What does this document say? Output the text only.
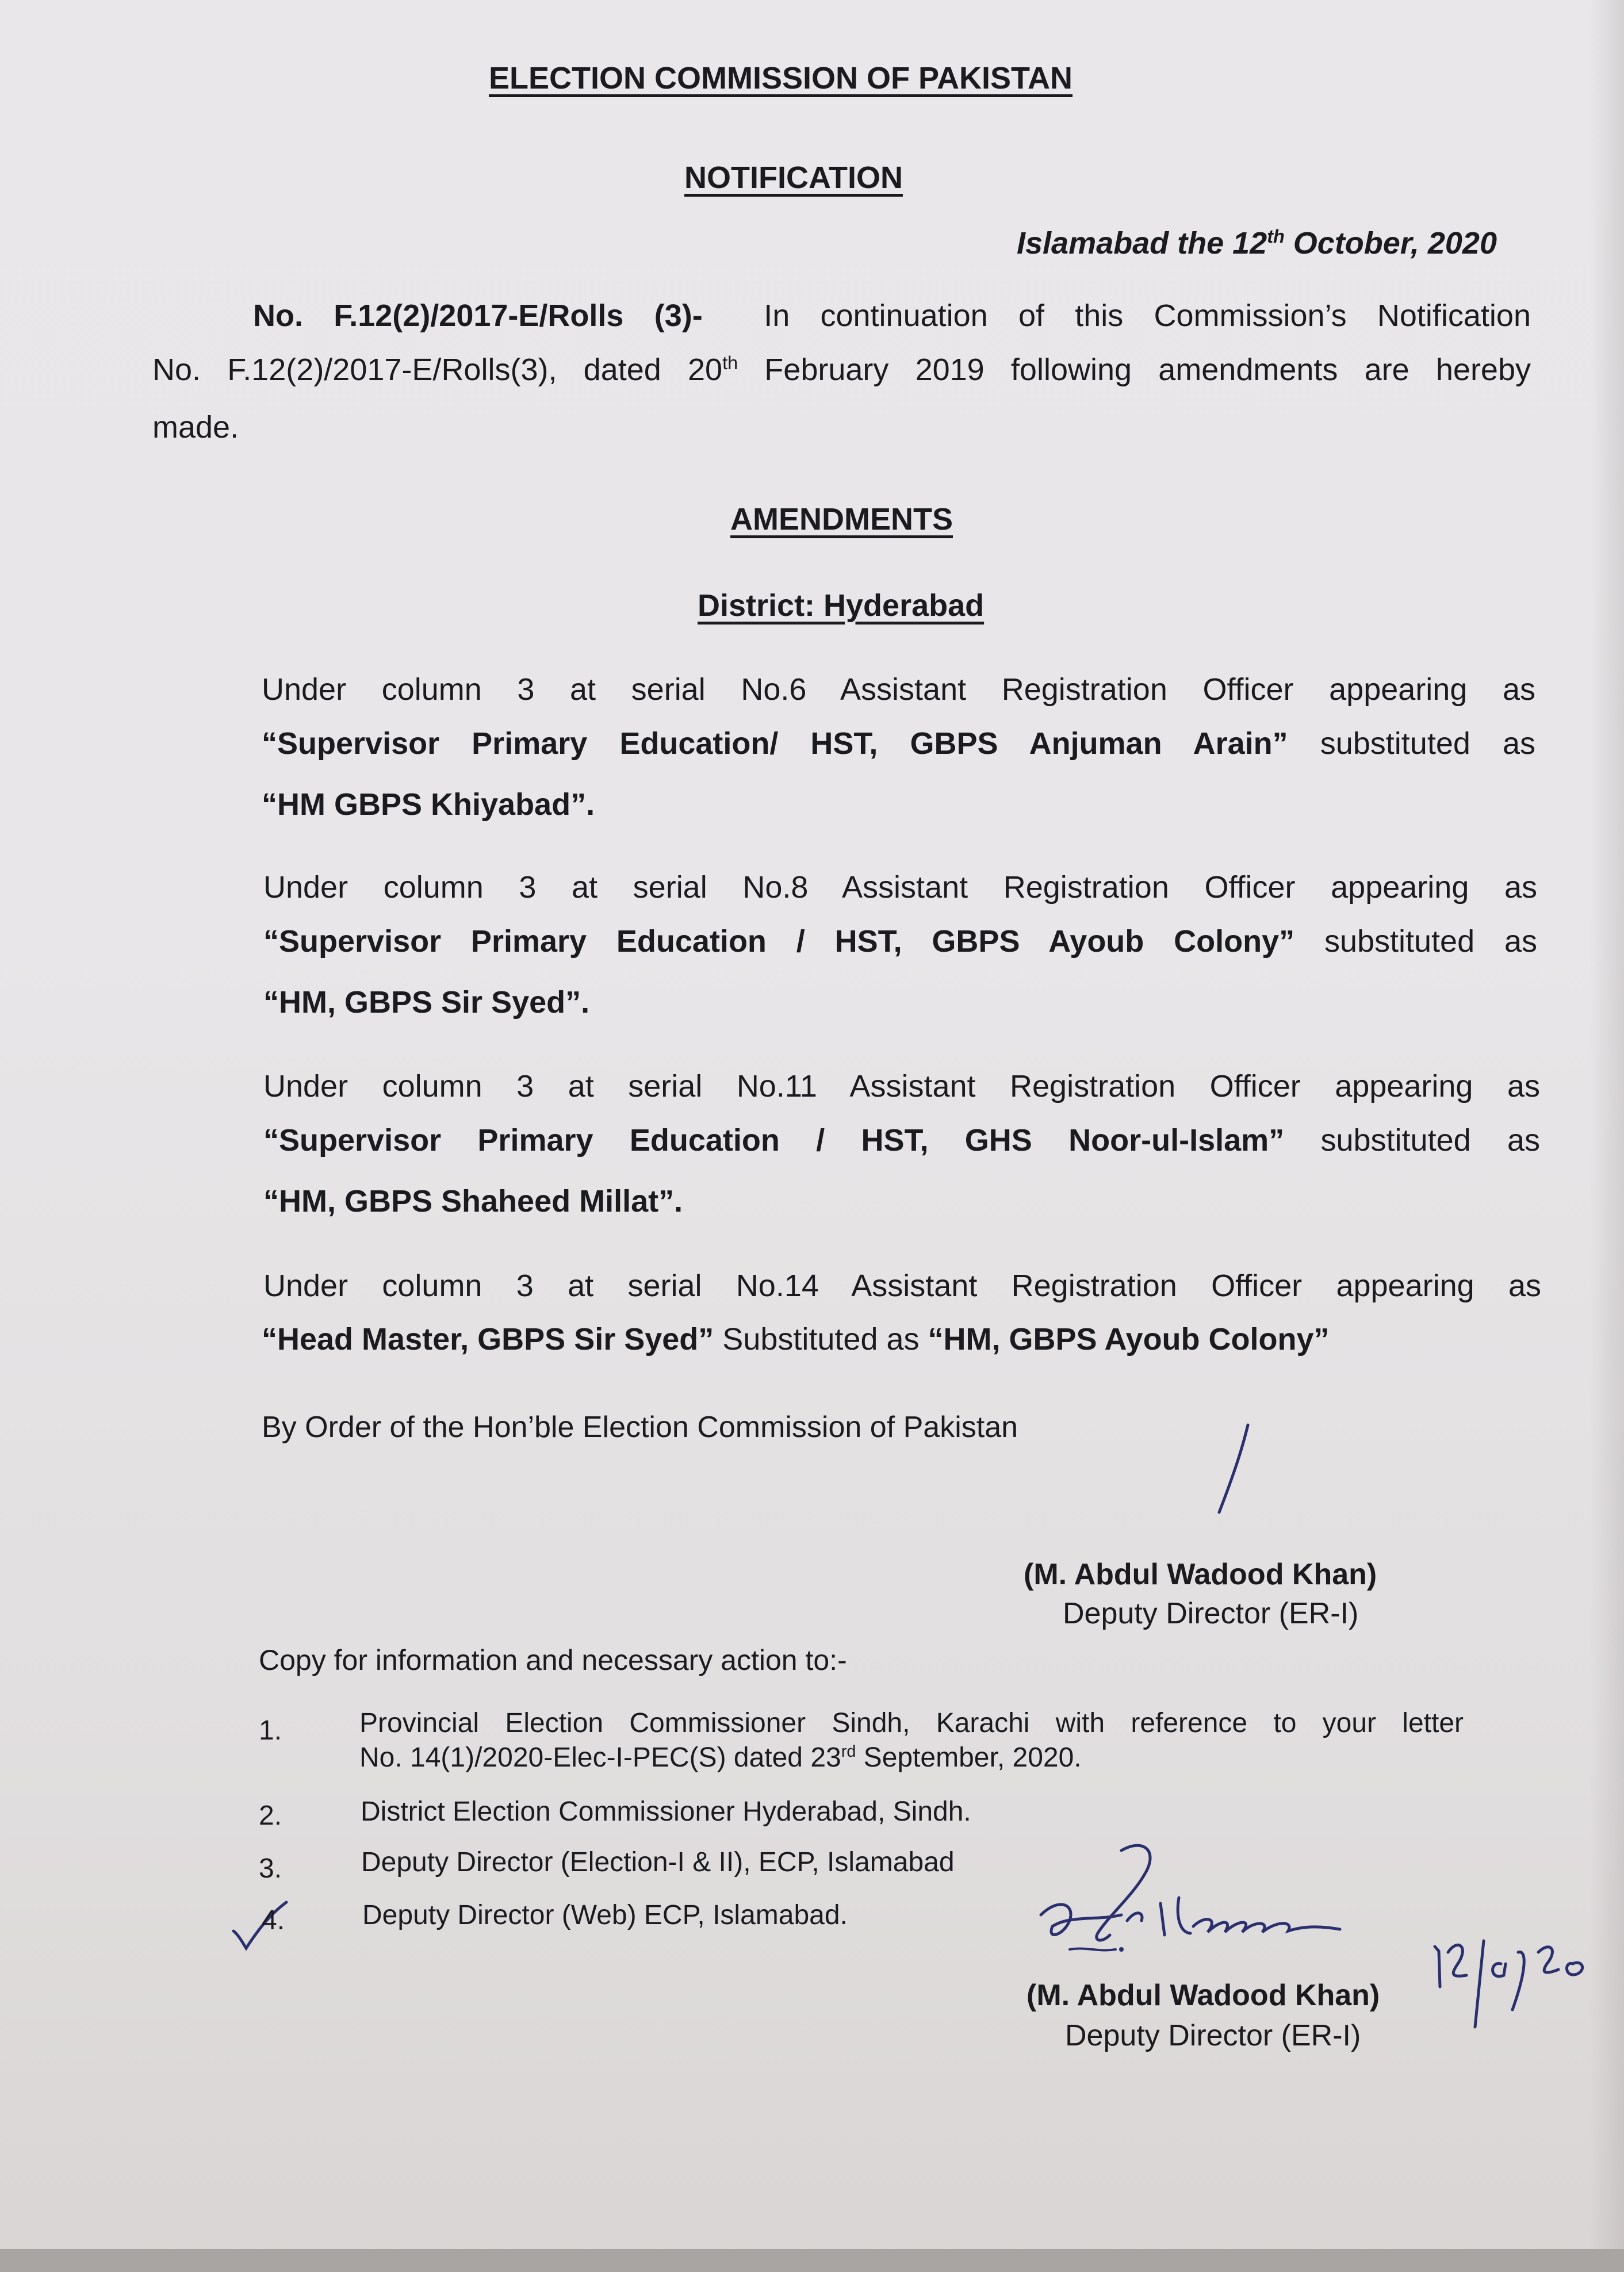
ELECTION COMMISSION OF PAKISTAN
NOTIFICATION
Islamabad the 12th October, 2020
No. F.12(2)/2017-E/Rolls (3)- In continuation of this Commission’s Notification
No. F.12(2)/2017-E/Rolls(3), dated 20th February 2019 following amendments are hereby
made.
AMENDMENTS
District: Hyderabad
Under column 3 at serial No.6 Assistant Registration Officer appearing as
“Supervisor Primary Education/ HST, GBPS Anjuman Arain” substituted as
“HM GBPS Khiyabad”.
Under column 3 at serial No.8 Assistant Registration Officer appearing as
“Supervisor Primary Education / HST, GBPS Ayoub Colony” substituted as
“HM, GBPS Sir Syed”.
Under column 3 at serial No.11 Assistant Registration Officer appearing as
“Supervisor Primary Education / HST, GHS Noor-ul-Islam” substituted as
“HM, GBPS Shaheed Millat”.
Under column 3 at serial No.14 Assistant Registration Officer appearing as
“Head Master, GBPS Sir Syed” Substituted as “HM, GBPS Ayoub Colony”
By Order of the Hon’ble Election Commission of Pakistan
(M. Abdul Wadood Khan)
Deputy Director (ER-I)
Copy for information and necessary action to:-
1.	Provincial Election Commissioner Sindh, Karachi with reference to your letter
No. 14(1)/2020-Elec-I-PEC(S) dated 23rd September, 2020.
2.	District Election Commissioner Hyderabad, Sindh.
3.	Deputy Director (Election-I & II), ECP, Islamabad
4.	Deputy Director (Web) ECP, Islamabad.
(M. Abdul Wadood Khan)
Deputy Director (ER-I)
